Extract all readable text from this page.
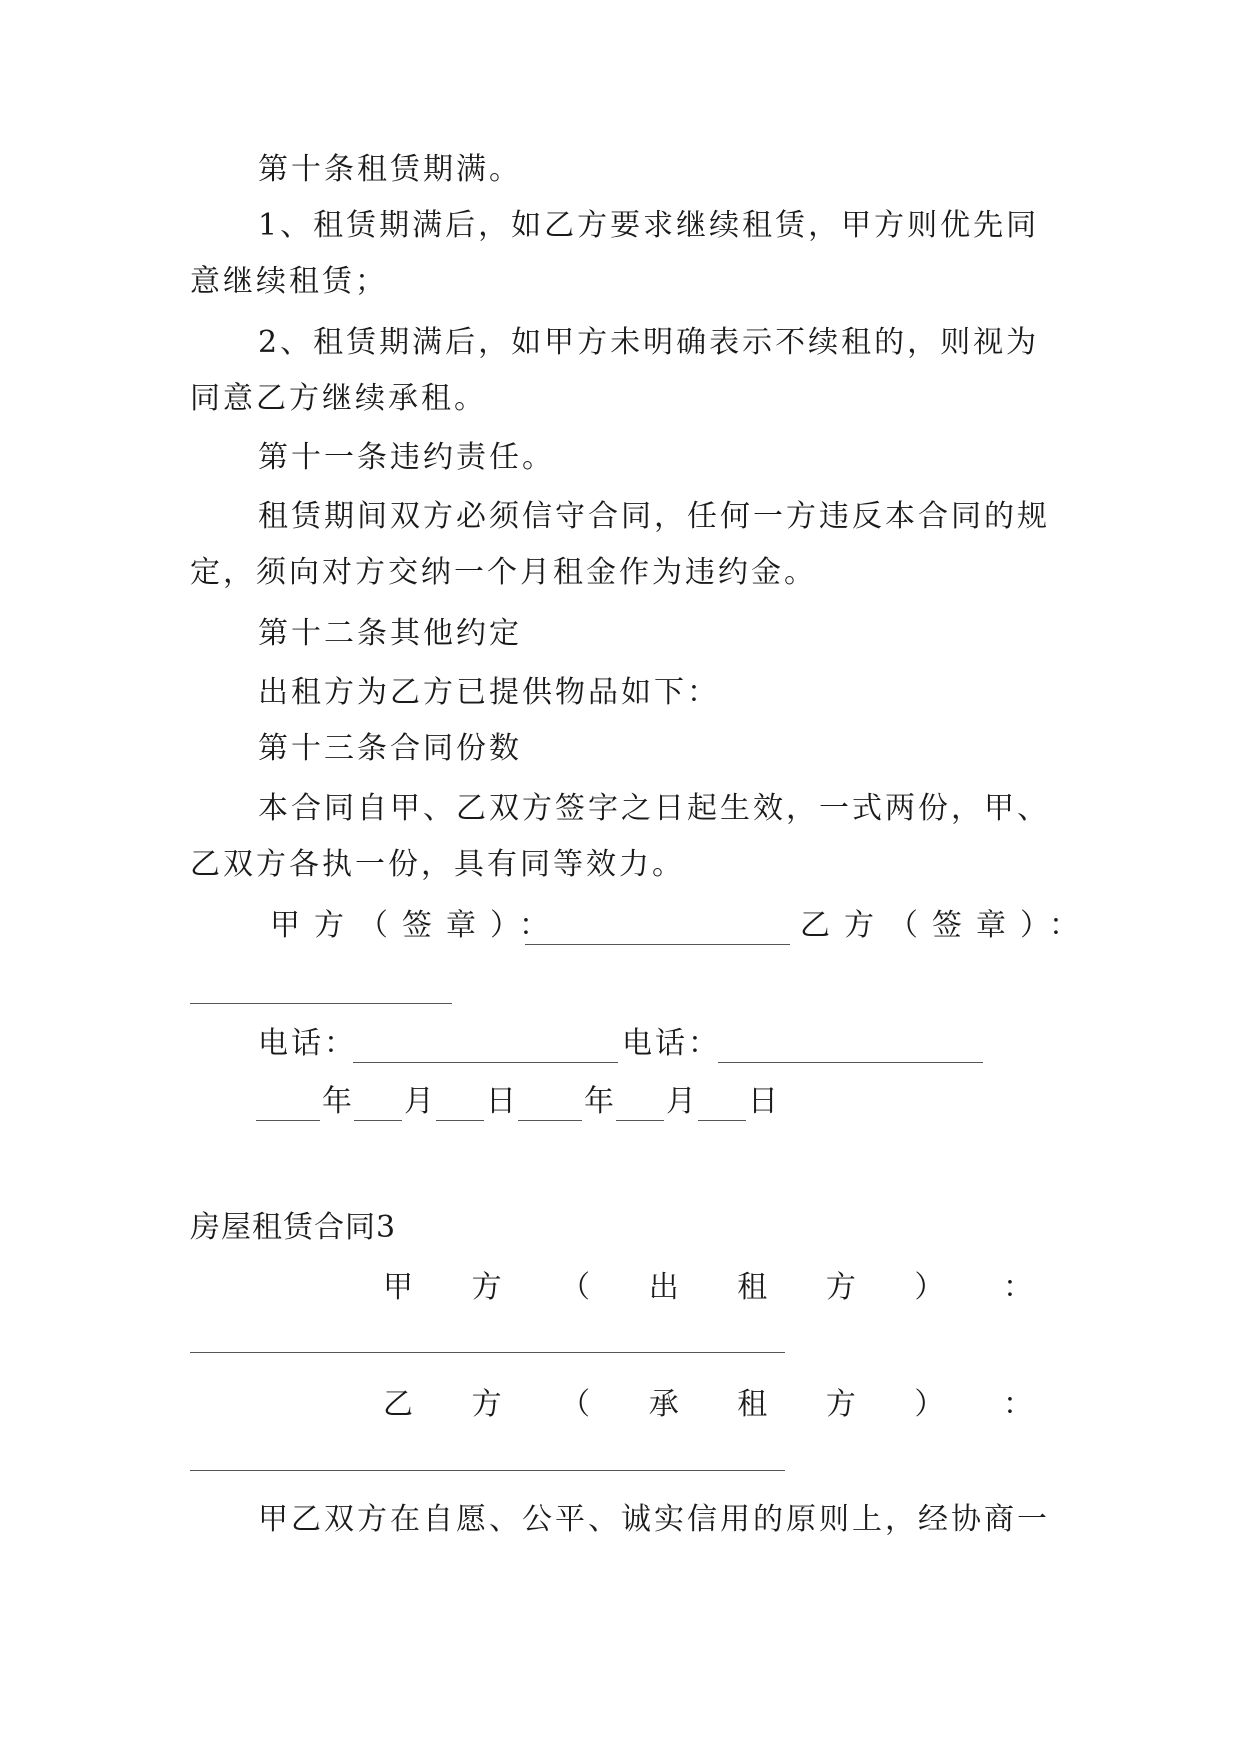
第十条租赁期满。
1、租赁期满后，如乙方要求继续租赁，甲方则优先同
意继续租赁；
2、租赁期满后，如甲方未明确表示不续租的，则视为
同意乙方继续承租。
第十一条违约责任。
租赁期间双方必须信守合同，任何一方违反本合同的规
定，须向对方交纳一个月租金作为违约金。
第十二条其他约定
出租方为乙方已提供物品如下：
第十三条合同份数
本合同自甲、乙双方签字之日起生效，一式两份，甲、
乙双方各执一份，具有同等效力。
甲方（签章）：	乙方（签章）：
电话：	电话：
年 月 日 年 月 日
房屋租赁合同3
甲 方 （ 出 租 方 ） ：
乙 方 （ 承 租 方 ） ：
甲乙双方在自愿、公平、诚实信用的原则上，经协商一
